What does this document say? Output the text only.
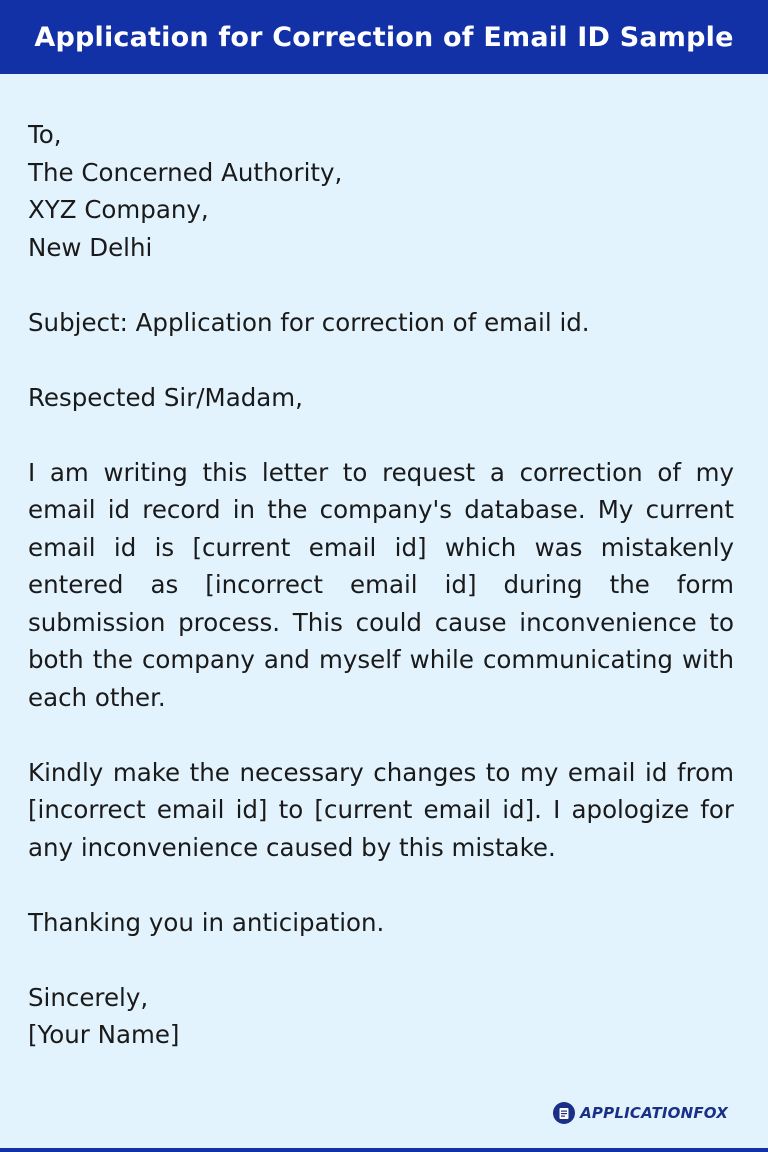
Application for Correction of Email ID Sample
To,
The Concerned Authority,
XYZ Company,
New Delhi
Subject: Application for correction of email id.
Respected Sir/Madam,
I am writing this letter to request a correction of my email id record in the company's database. My current email id is [current email id] which was mistakenly entered as [incorrect email id] during the form submission process. This could cause inconvenience to both the company and myself while communicating with each other.
Kindly make the necessary changes to my email id from [incorrect email id] to [current email id]. I apologize for any inconvenience caused by this mistake.
Thanking you in anticipation.
Sincerely,
[Your Name]
APPLICATIONFOX
